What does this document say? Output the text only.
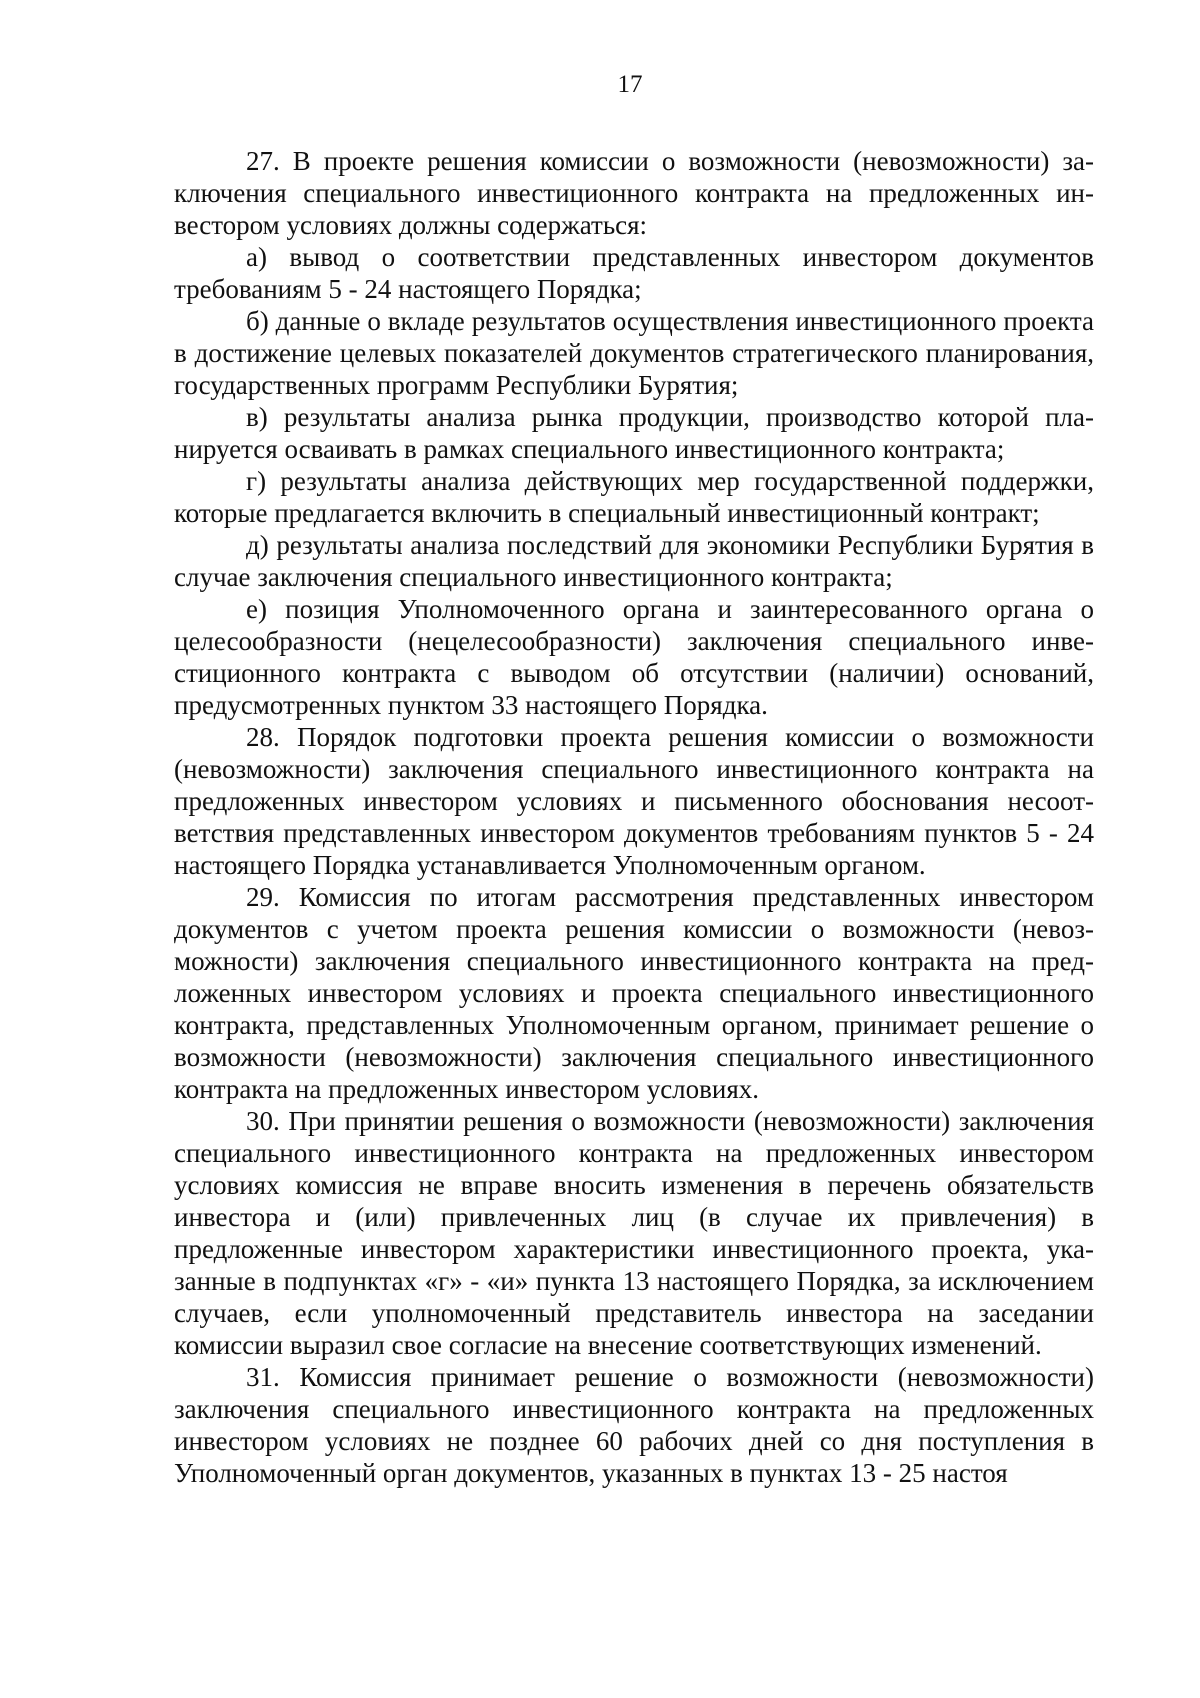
17

27. В проекте решения комиссии о возможности (невозможности) заключения специального инвестиционного контракта на предложенных инвестором условиях должны содержаться:

а) вывод о соответствии представленных инвестором документов требованиям 5 - 24 настоящего Порядка;

б) данные о вкладе результатов осуществления инвестиционного проекта в достижение целевых показателей документов стратегического планирования, государственных программ Республики Бурятия;

в) результаты анализа рынка продукции, производство которой планируется осваивать в рамках специального инвестиционного контракта;

г) результаты анализа действующих мер государственной поддержки, которые предлагается включить в специальный инвестиционный контракт;

д) результаты анализа последствий для экономики Республики Бурятия в случае заключения специального инвестиционного контракта;

е) позиция Уполномоченного органа и заинтересованного органа о целесообразности (нецелесообразности) заключения специального инвестиционного контракта с выводом об отсутствии (наличии) оснований, предусмотренных пунктом 33 настоящего Порядка.

28. Порядок подготовки проекта решения комиссии о возможности (невозможности) заключения специального инвестиционного контракта на предложенных инвестором условиях и письменного обоснования несоответствия представленных инвестором документов требованиям пунктов 5 - 24 настоящего Порядка устанавливается Уполномоченным органом.

29. Комиссия по итогам рассмотрения представленных инвестором документов с учетом проекта решения комиссии о возможности (невозможности) заключения специального инвестиционного контракта на предложенных инвестором условиях и проекта специального инвестиционного контракта, представленных Уполномоченным органом, принимает решение о возможности (невозможности) заключения специального инвестиционного контракта на предложенных инвестором условиях.

30. При принятии решения о возможности (невозможности) заключения специального инвестиционного контракта на предложенных инвестором условиях комиссия не вправе вносить изменения в перечень обязательств инвестора и (или) привлеченных лиц (в случае их привлечения) в предложенные инвестором характеристики инвестиционного проекта, указанные в подпунктах «г» - «и» пункта 13 настоящего Порядка, за исключением случаев, если уполномоченный представитель инвестора на заседании комиссии выразил свое согласие на внесение соответствующих изменений.

31. Комиссия принимает решение о возможности (невозможности) заключения специального инвестиционного контракта на предложенных инвестором условиях не позднее 60 рабочих дней со дня поступления в Уполномоченный орган документов, указанных в пунктах 13 - 25 настоя
